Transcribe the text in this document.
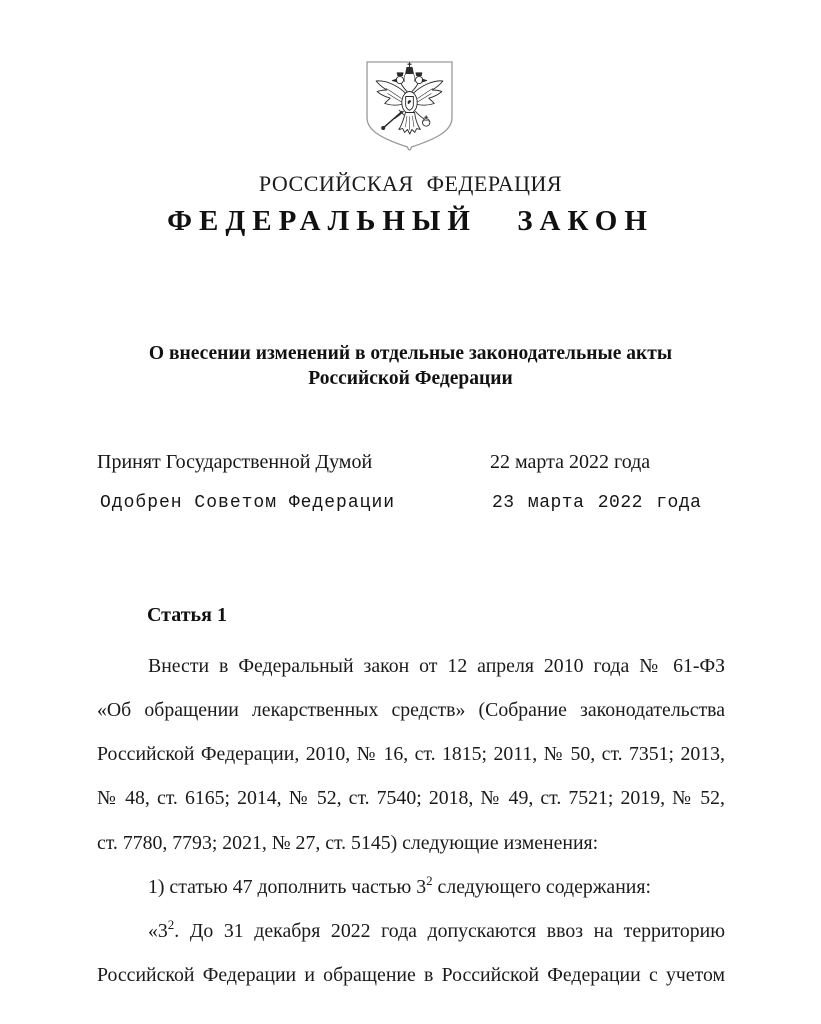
РОССИЙСКАЯ ФЕДЕРАЦИЯ
ФЕДЕРАЛЬНЫЙ ЗАКОН
О внесении изменений в отдельные законодательные акты
Российской Федерации
Принят Государственной Думой	22 марта 2022 года
Одобрен Советом Федерации	23 марта 2022 года
Статья 1
Внести в Федеральный закон от 12 апреля 2010 года № 61-ФЗ
«Об обращении лекарственных средств» (Собрание законодательства
Российской Федерации, 2010, № 16, ст. 1815; 2011, № 50, ст. 7351; 2013,
№ 48, ст. 6165; 2014, № 52, ст. 7540; 2018, № 49, ст. 7521; 2019, № 52,
ст. 7780, 7793; 2021, № 27, ст. 5145) следующие изменения:
1) статью 47 дополнить частью $3^2$ следующего содержания:
«$3^2$. До 31 декабря 2022 года допускаются ввоз на территорию
Российской Федерации и обращение в Российской Федерации с учетом
